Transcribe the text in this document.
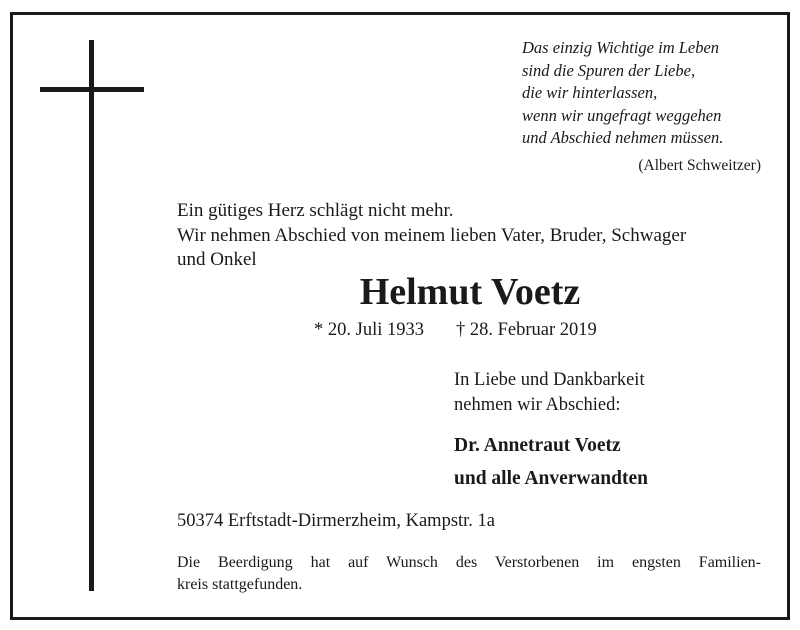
Das einzig Wichtige im Leben
sind die Spuren der Liebe,
die wir hinterlassen,
wenn wir ungefragt weggehen
und Abschied nehmen müssen.
(Albert Schweitzer)
Ein gütiges Herz schlägt nicht mehr.
Wir nehmen Abschied von meinem lieben Vater, Bruder, Schwager
und Onkel
Helmut Voetz
* 20. Juli 1933 † 28. Februar 2019
In Liebe und Dankbarkeit
nehmen wir Abschied:
Dr. Annetraut Voetz
und alle Anverwandten
50374 Erftstadt-Dirmerzheim, Kampstr. 1a
Die Beerdigung hat auf Wunsch des Verstorbenen im engsten Familien-
kreis stattgefunden.
